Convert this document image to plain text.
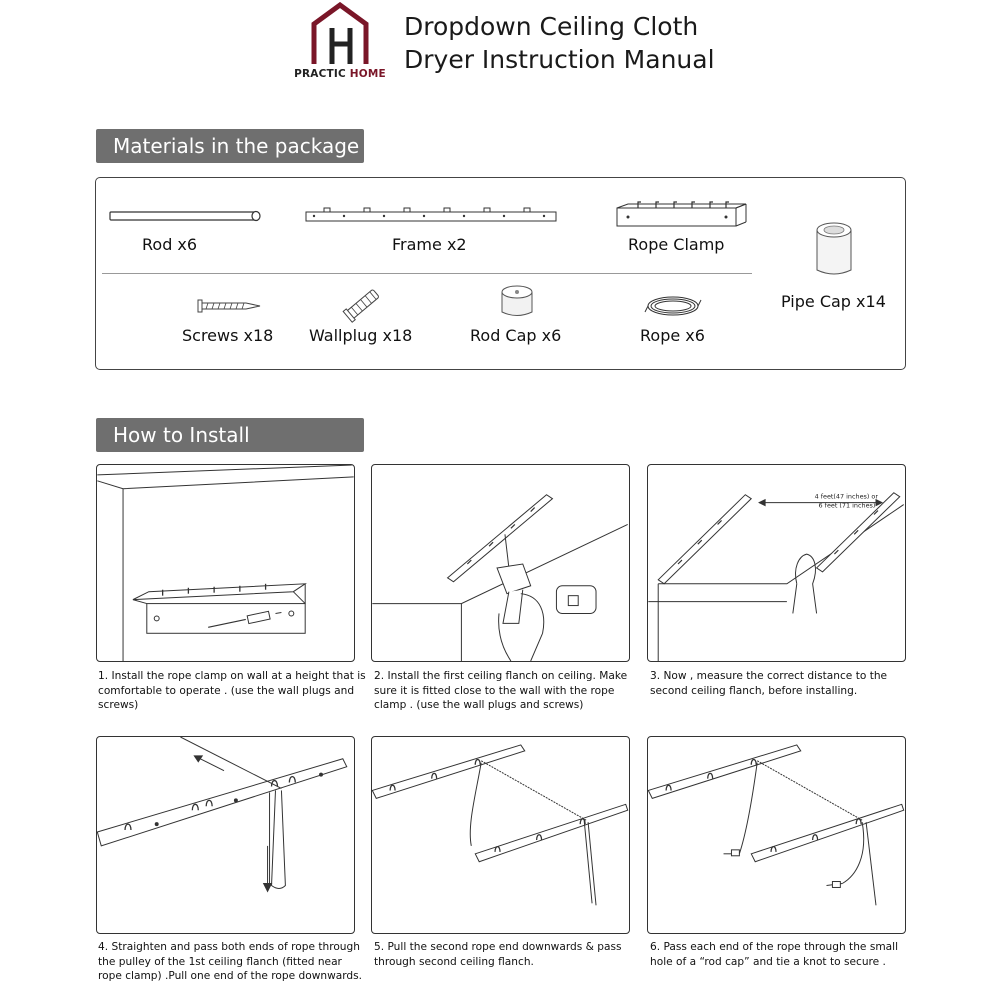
PRACTIC HOME
Dropdown Ceiling Cloth
Dryer Instruction Manual
Materials in the package
Rod x6	Frame x2	Rope Clamp
Pipe Cap x14
Screws x18 Wallplug x18	Rod Cap x6	Rope x6
How to Install
1. Install the rope clamp on wall at a height that is comfortable to operate . (use the wall plugs and screws)
2. Install the first ceiling flanch on ceiling. Make sure it is fitted close to the wall with the rope clamp . (use the wall plugs and screws)
4 feet(47 inches) or
6 feet (71 inches)
3. Now , measure the correct distance to the second ceiling flanch, before installing.
4. Straighten and pass both ends of rope through the pulley of the 1st ceiling flanch (fitted near rope clamp) .Pull one end of the rope downwards.
5. Pull the second rope end downwards & pass through second ceiling flanch.
6. Pass each end of the rope through the small hole of a “rod cap” and tie a knot to secure .
